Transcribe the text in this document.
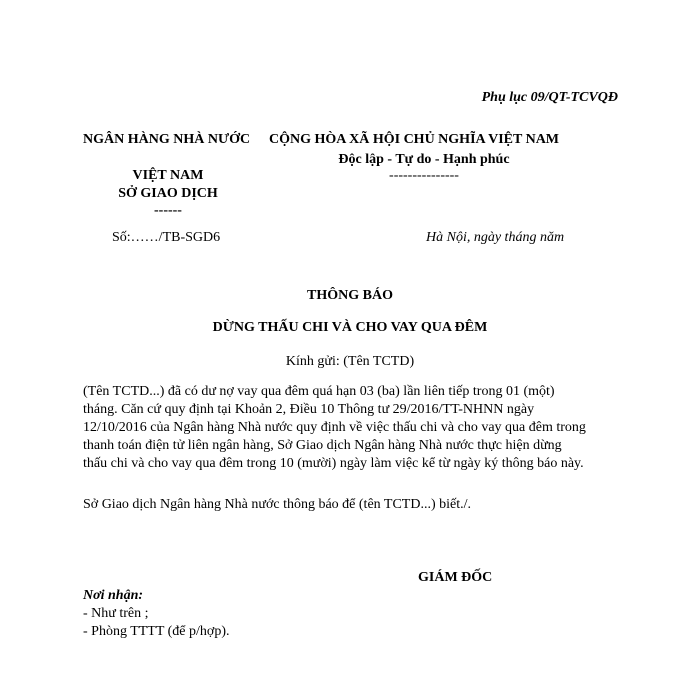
Phụ lục 09/QT-TCVQĐ
NGÂN HÀNG NHÀ NƯỚC
VIỆT NAM
SỞ GIAO DỊCH
------
Số:……/TB-SGD6
CỘNG HÒA XÃ HỘI CHỦ NGHĨA VIỆT NAM
Độc lập - Tự do - Hạnh phúc
---------------
Hà Nội, ngày tháng năm
THÔNG BÁO
DỪNG THẤU CHI VÀ CHO VAY QUA ĐÊM
Kính gửi: (Tên TCTD)
(Tên TCTD...) đã có dư nợ vay qua đêm quá hạn 03 (ba) lần liên tiếp trong 01 (một)
tháng. Căn cứ quy định tại Khoản 2, Điều 10 Thông tư 29/2016/TT-NHNN ngày
12/10/2016 của Ngân hàng Nhà nước quy định về việc thấu chi và cho vay qua đêm trong
thanh toán điện tử liên ngân hàng, Sở Giao dịch Ngân hàng Nhà nước thực hiện dừng
thấu chi và cho vay qua đêm trong 10 (mười) ngày làm việc kể từ ngày ký thông báo này.
Sở Giao dịch Ngân hàng Nhà nước thông báo để (tên TCTD...) biết./.
GIÁM ĐỐC
Nơi nhận:
- Như trên ;
- Phòng TTTT (để p/hợp).
